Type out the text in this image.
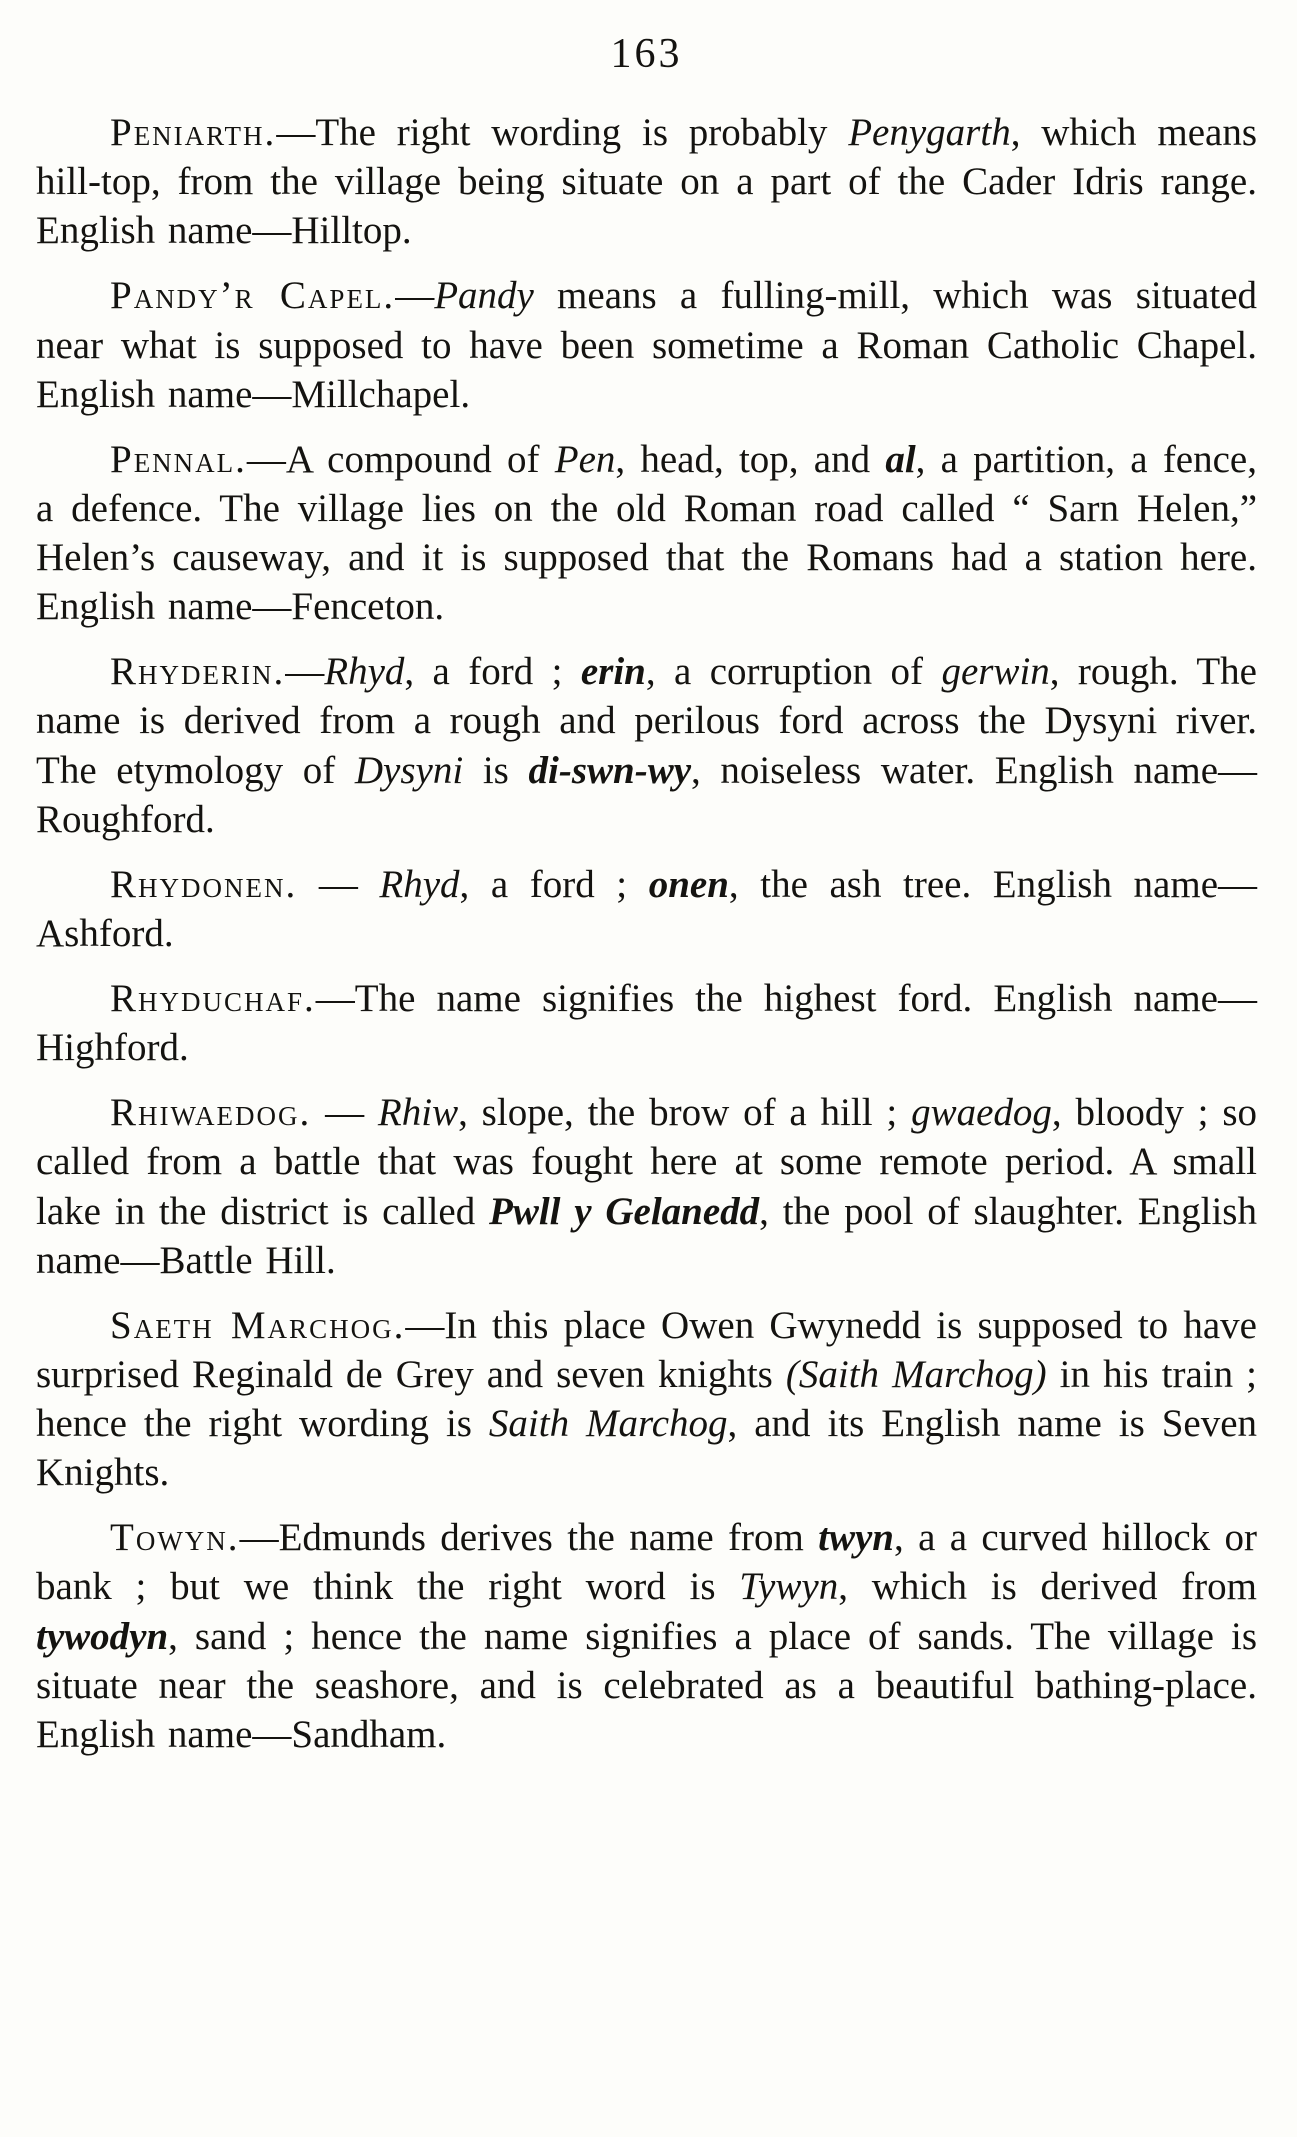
163

Peniarth.—The right wording is probably Penygarth, which means hill-top, from the village being situate on a part of the Cader Idris range. English name—Hilltop.

Pandy’r Capel.—Pandy means a fulling-mill, which was situated near what is supposed to have been sometime a Roman Catholic Chapel. English name—Millchapel.

Pennal.—A compound of Pen, head, top, and al, a partition, a fence, a defence. The village lies on the old Roman road called “ Sarn Helen,” Helen’s causeway, and it is supposed that the Romans had a station here. English name—Fenceton.

Rhyderin.—Rhyd, a ford ; erin, a corruption of gerwin, rough. The name is derived from a rough and perilous ford across the Dysyni river. The etymology of Dysyni is di-swn-wy, noiseless water. English name— Roughford.

Rhydonen. — Rhyd, a ford ; onen, the ash tree. English name—Ashford.

Rhyduchaf.—The name signifies the highest ford. English name—Highford.

Rhiwaedog. — Rhiw, slope, the brow of a hill ; gwaedog, bloody ; so called from a battle that was fought here at some remote period. A small lake in the district is called Pwll y Gelanedd, the pool of slaughter. English name—Battle Hill.

Saeth Marchog.—In this place Owen Gwynedd is supposed to have surprised Reginald de Grey and seven knights (Saith Marchog) in his train ; hence the right wording is Saith Marchog, and its English name is Seven Knights.

Towyn.—Edmunds derives the name from twyn, a a curved hillock or bank ; but we think the right word is Tywyn, which is derived from tywodyn, sand ; hence the name signifies a place of sands. The village is situate near the seashore, and is celebrated as a beautiful bathing-place. English name—Sandham.
